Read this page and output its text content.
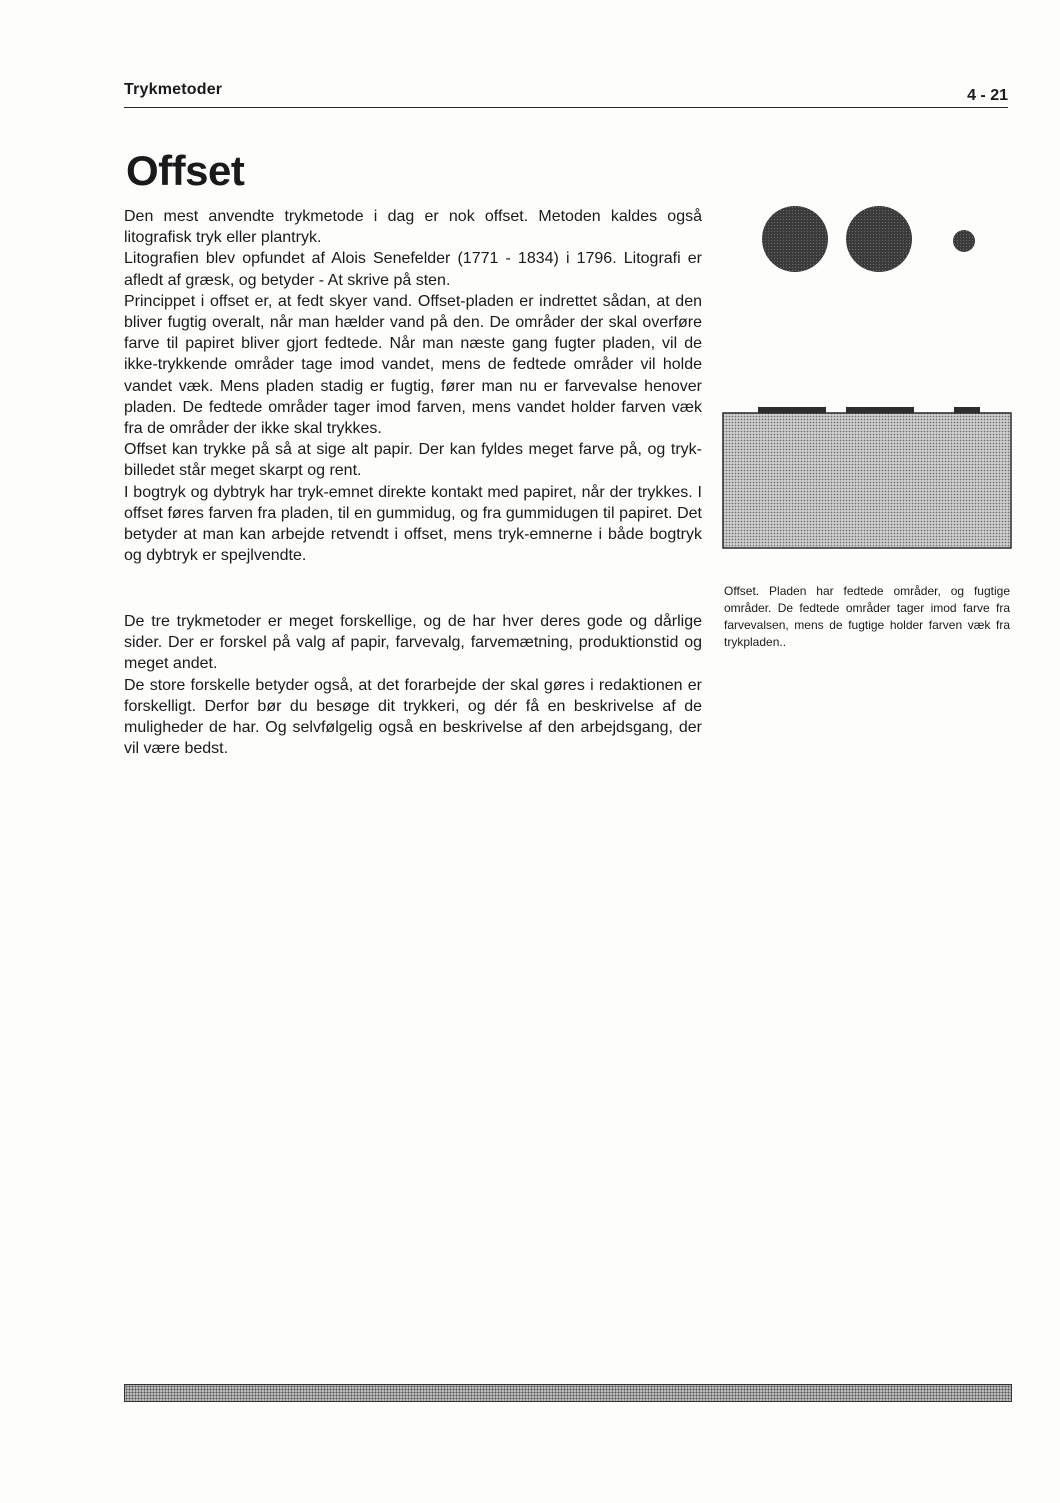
Trykmetoder	4 - 21
Offset

Den mest anvendte trykmetode i dag er nok offset. Metoden kaldes også litografisk tryk eller plantryk.

Litografien blev opfundet af Alois Senefelder (1771 - 1834) i 1796. Litografi er afledt af græsk, og betyder - At skrive på sten.

Princippet i offset er, at fedt skyer vand. Offset-pladen er indrettet sådan, at den bliver fugtig overalt, når man hælder vand på den. De områder der skal overføre farve til papiret bliver gjort fedtede. Når man næste gang fugter pladen, vil de ikke-trykkende områder tage imod vandet, mens de fedtede områder vil holde vandet væk. Mens pladen stadig er fugtig, fører man nu er farvevalse henover pladen. De fedtede områder tager imod farven, mens vandet holder farven væk fra de områder der ikke skal trykkes.

Offset kan trykke på så at sige alt papir. Der kan fyldes meget farve på, og tryk-billedet står meget skarpt og rent.

I bogtryk og dybtryk har tryk-emnet direkte kontakt med papiret, når der trykkes. I offset føres farven fra pladen, til en gummidug, og fra gummidugen til papiret. Det betyder at man kan arbejde retvendt i offset, mens tryk-emnerne i både bogtryk og dybtryk er spejlvendte.

De tre trykmetoder er meget forskellige, og de har hver deres gode og dårlige sider. Der er forskel på valg af papir, farvevalg, farvemætning, produktionstid og meget andet.

De store forskelle betyder også, at det forarbejde der skal gøres i redaktionen er forskelligt. Derfor bør du besøge dit trykkeri, og dér få en beskrivelse af de muligheder de har. Og selvfølgelig også en beskrivelse af den arbejdsgang, der vil være bedst.

Offset. Pladen har fedtede områder, og fugtige områder. De fedtede områder tager imod farve fra farvevalsen, mens de fugtige holder farven væk fra trykpladen..
